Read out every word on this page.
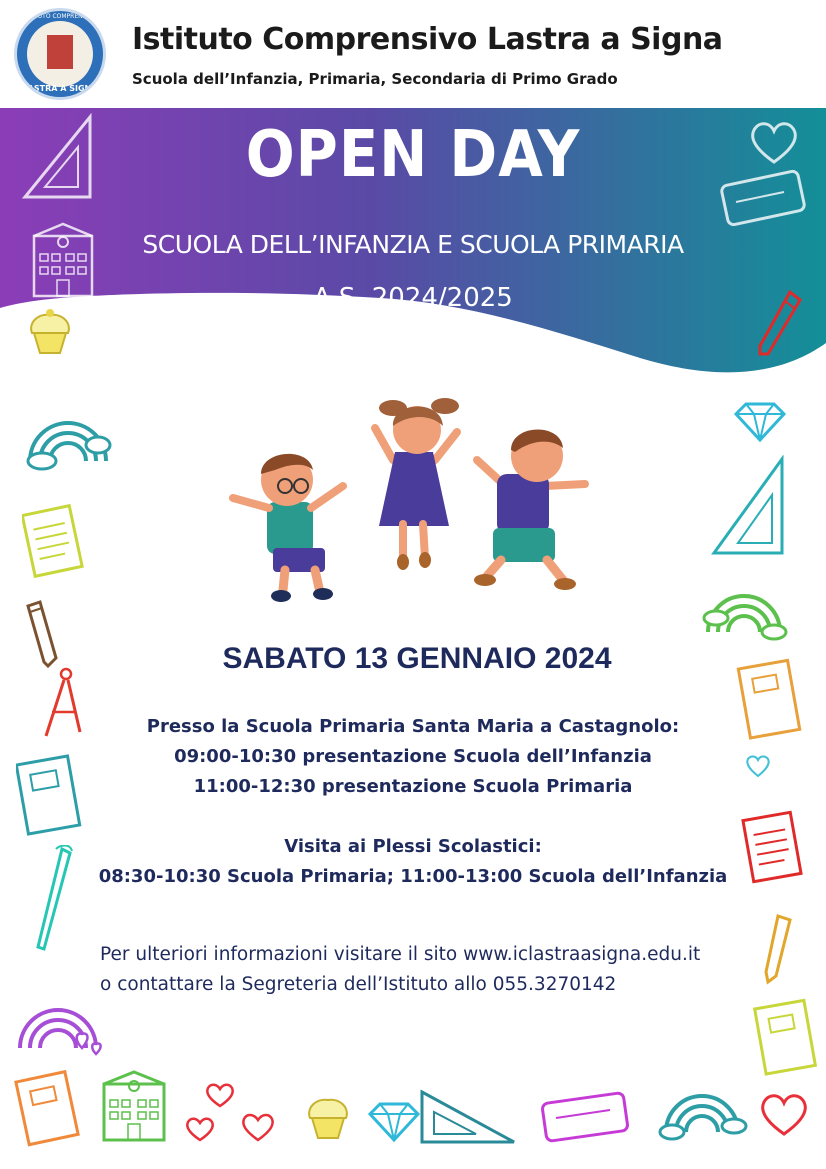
ISTITUTO COMPRENSIVO
LASTRA A SIGNA
Istituto Comprensivo Lastra a Signa
Scuola dell’Infanzia, Primaria, Secondaria di Primo Grado
OPEN DAY
SCUOLA DELL’INFANZIA E SCUOLA PRIMARIA
A.S. 2024/2025
SABATO 13 GENNAIO 2024
Presso la Scuola Primaria Santa Maria a Castagnolo:
09:00-10:30 presentazione Scuola dell’Infanzia
11:00-12:30 presentazione Scuola Primaria
Visita ai Plessi Scolastici:
08:30-10:30 Scuola Primaria; 11:00-13:00 Scuola dell’Infanzia
Per ulteriori informazioni visitare il sito www.iclastraasigna.edu.it
o contattare la Segreteria dell’Istituto allo 055.3270142
